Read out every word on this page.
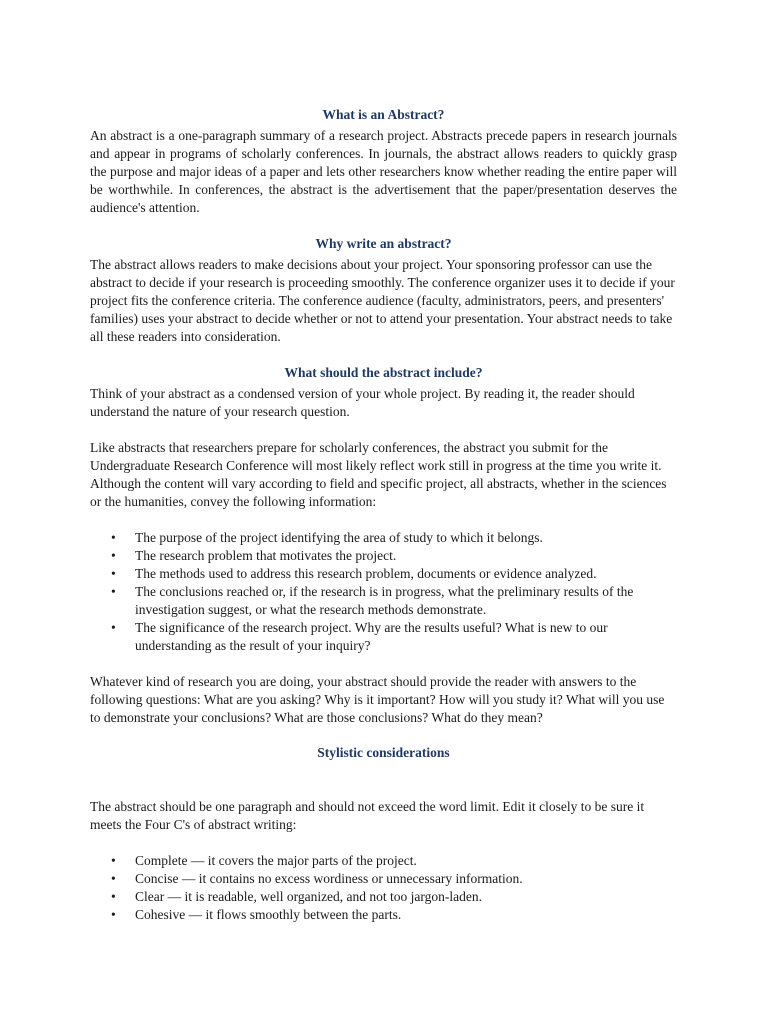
What is an Abstract?

An abstract is a one-paragraph summary of a research project. Abstracts precede papers in research journals and appear in programs of scholarly conferences. In journals, the abstract allows readers to quickly grasp the purpose and major ideas of a paper and lets other researchers know whether reading the entire paper will be worthwhile. In conferences, the abstract is the advertisement that the paper/presentation deserves the audience's attention.

Why write an abstract?

The abstract allows readers to make decisions about your project. Your sponsoring professor can use the abstract to decide if your research is proceeding smoothly. The conference organizer uses it to decide if your project fits the conference criteria. The conference audience (faculty, administrators, peers, and presenters' families) uses your abstract to decide whether or not to attend your presentation. Your abstract needs to take all these readers into consideration.

What should the abstract include?

Think of your abstract as a condensed version of your whole project. By reading it, the reader should understand the nature of your research question.

Like abstracts that researchers prepare for scholarly conferences, the abstract you submit for the Undergraduate Research Conference will most likely reflect work still in progress at the time you write it. Although the content will vary according to field and specific project, all abstracts, whether in the sciences or the humanities, convey the following information:

• The purpose of the project identifying the area of study to which it belongs.
• The research problem that motivates the project.
• The methods used to address this research problem, documents or evidence analyzed.
• The conclusions reached or, if the research is in progress, what the preliminary results of the investigation suggest, or what the research methods demonstrate.
• The significance of the research project. Why are the results useful? What is new to our understanding as the result of your inquiry?

Whatever kind of research you are doing, your abstract should provide the reader with answers to the following questions: What are you asking? Why is it important? How will you study it? What will you use to demonstrate your conclusions? What are those conclusions? What do they mean?

Stylistic considerations

The abstract should be one paragraph and should not exceed the word limit. Edit it closely to be sure it meets the Four C's of abstract writing:

• Complete — it covers the major parts of the project.
• Concise — it contains no excess wordiness or unnecessary information.
• Clear — it is readable, well organized, and not too jargon-laden.
• Cohesive — it flows smoothly between the parts.
